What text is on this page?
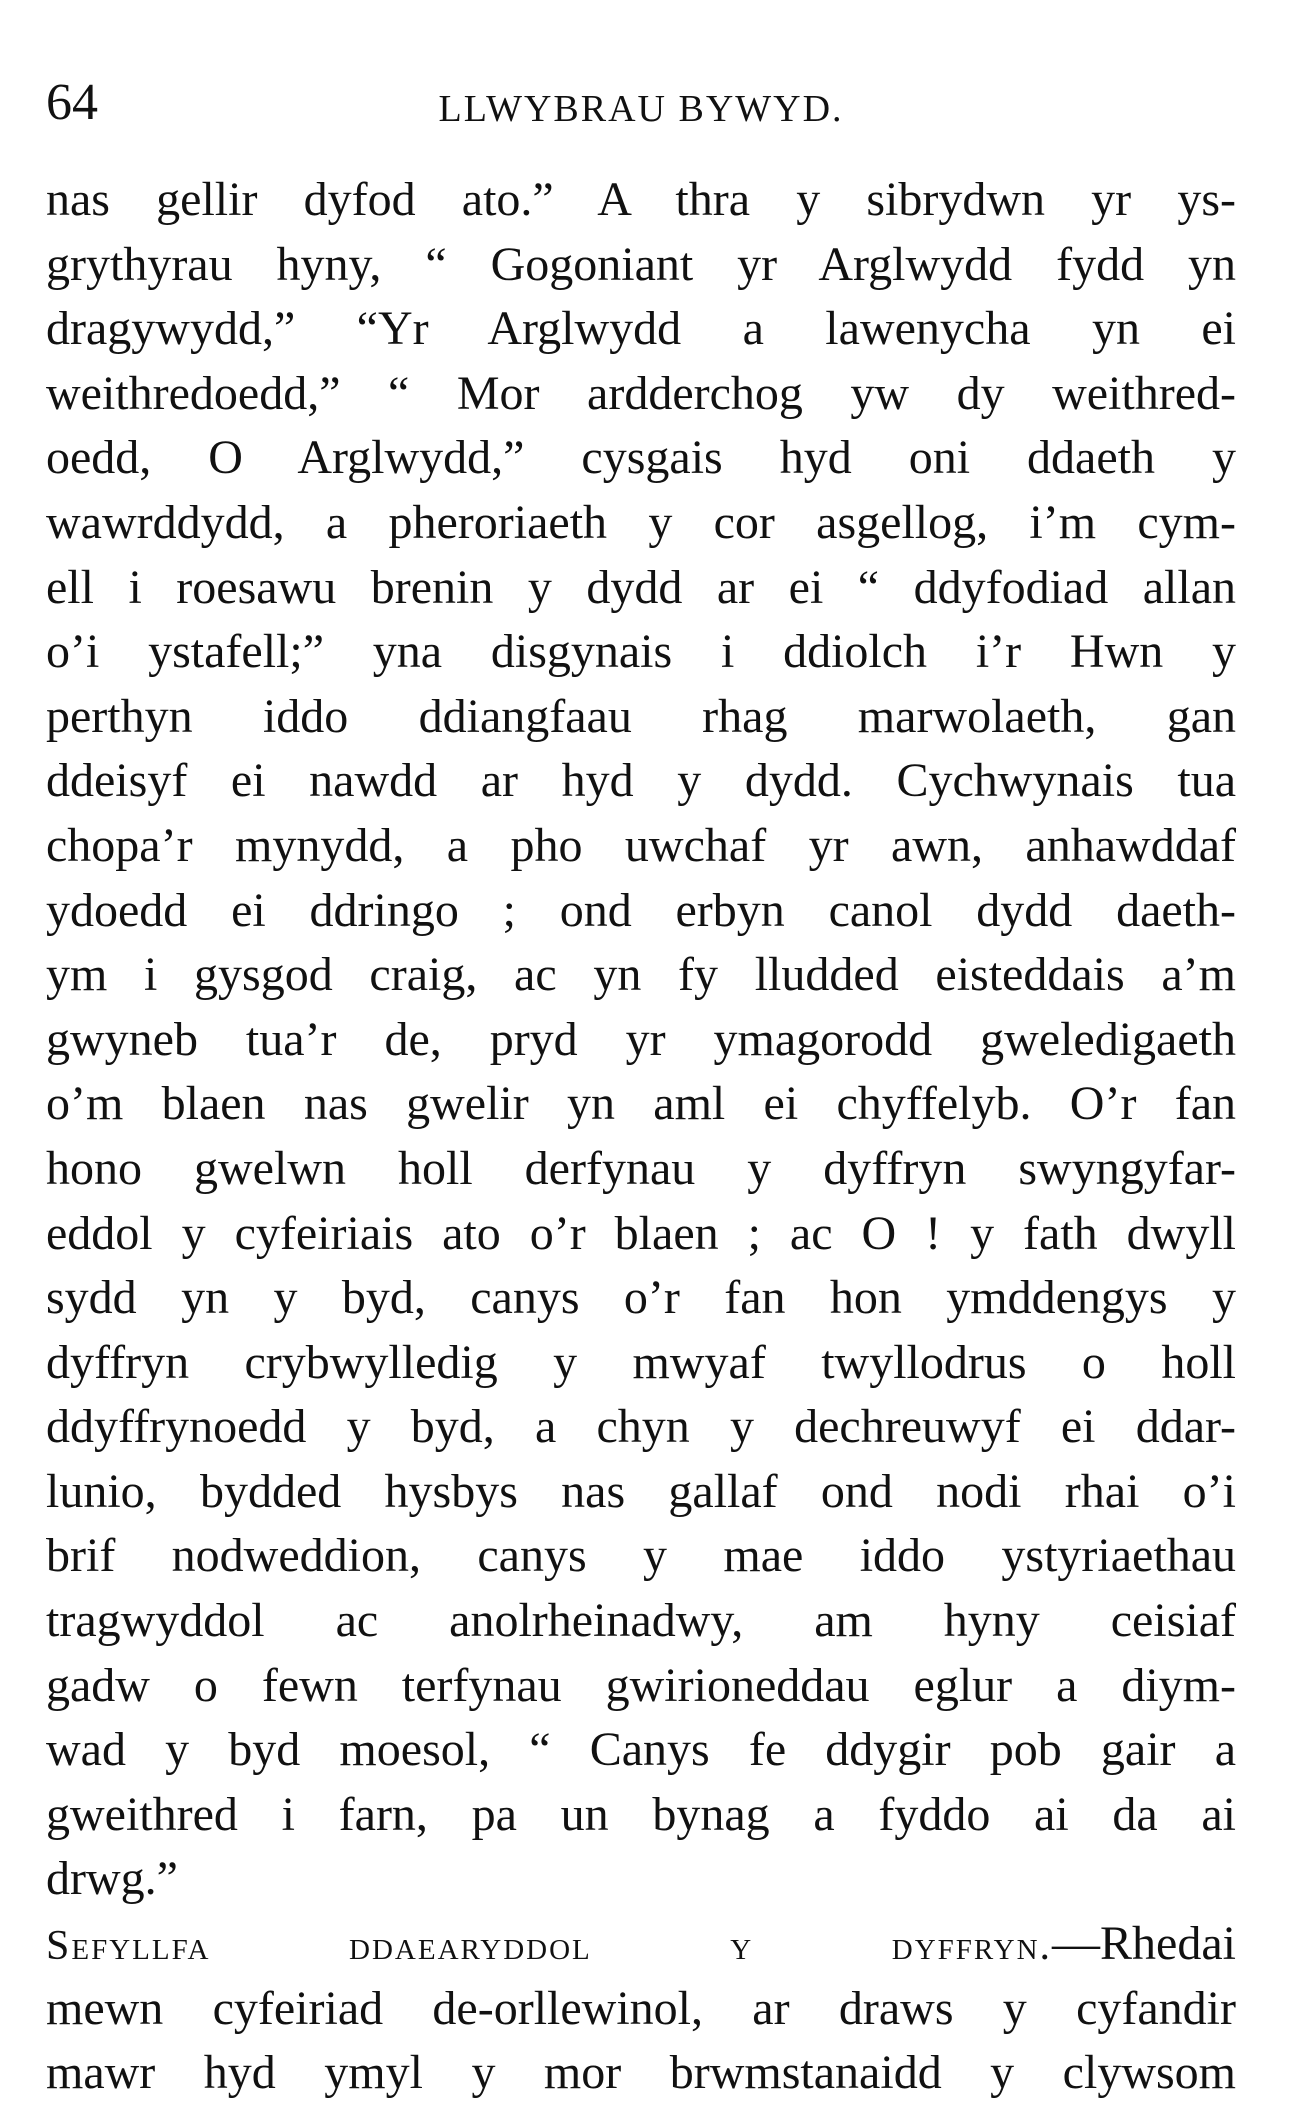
64	LLWYBRAU BYWYD.
nas gellir dyfod ato.” A thra y sibrydwn yr ys-
grythyrau hyny, “ Gogoniant yr Arglwydd fydd yn
dragywydd,” “Yr Arglwydd a lawenycha yn ei
weithredoedd,” “ Mor ardderchog yw dy weithred-
oedd, O Arglwydd,” cysgais hyd oni ddaeth y
wawrddydd, a pheroriaeth y cor asgellog, i’m cym-
ell i roesawu brenin y dydd ar ei “ ddyfodiad allan
o’i ystafell;” yna disgynais i ddiolch i’r Hwn y
perthyn iddo ddiangfaau rhag marwolaeth, gan
ddeisyf ei nawdd ar hyd y dydd. Cychwynais tua
chopa’r mynydd, a pho uwchaf yr awn, anhawddaf
ydoedd ei ddringo ; ond erbyn canol dydd daeth-
ym i gysgod craig, ac yn fy lludded eisteddais a’m
gwyneb tua’r de, pryd yr ymagorodd gweledigaeth
o’m blaen nas gwelir yn aml ei chyffelyb. O’r fan
hono gwelwn holl derfynau y dyffryn swyngyfar-
eddol y cyfeiriais ato o’r blaen ; ac O ! y fath dwyll
sydd yn y byd, canys o’r fan hon ymddengys y
dyffryn crybwylledig y mwyaf twyllodrus o holl
ddyffrynoedd y byd, a chyn y dechreuwyf ei ddar-
lunio, bydded hysbys nas gallaf ond nodi rhai o’i
brif nodweddion, canys y mae iddo ystyriaethau
tragwyddol ac anolrheinadwy, am hyny ceisiaf
gadw o fewn terfynau gwirioneddau eglur a diym-
wad y byd moesol, “ Canys fe ddygir pob gair a
gweithred i farn, pa un bynag a fyddo ai da ai
drwg.”
Sefyllfa ddaearyddol y dyffryn.—Rhedai
mewn cyfeiriad de-orllewinol, ar draws y cyfandir
mawr hyd ymyl y mor brwmstanaidd y clywsom
